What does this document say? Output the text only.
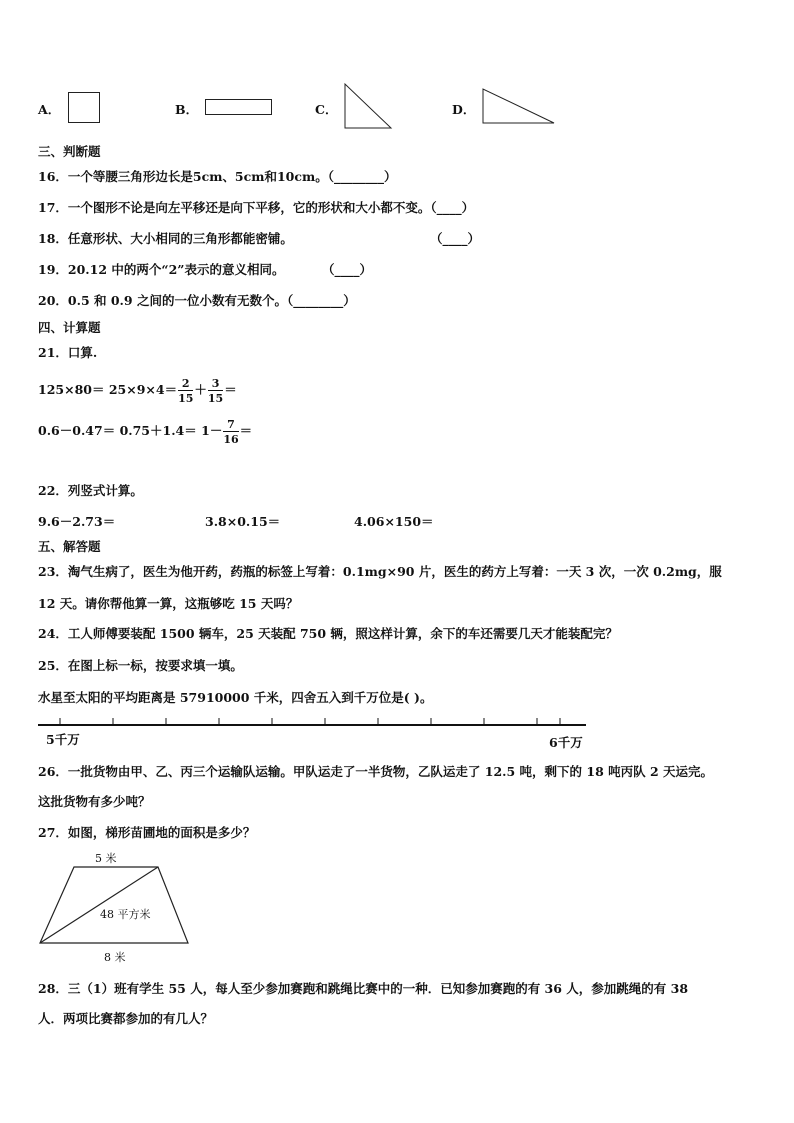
A．	B．	C．	D．
三、判断题
16．一个等腰三角形边长是5cm、5cm和10cm。（________）
17．一个图形不论是向左平移还是向下平移，它的形状和大小都不变。（____）
18．任意形状、大小相同的三角形都能密铺。	（____）
19．20.12 中的两个“2”表示的意义相同。	（____）
20．0.5 和 0.9 之间的一位小数有无数个。（________）
四、计算题
21．口算.
$125\times 80= 25\times 9\times 4= \frac{2}{15} + \frac{3}{15}$ ＝
$0.6-0.47= 0.75+1.4= 1- \frac{7}{16}$ ＝
22．列竖式计算。
9.6－2.73＝	3.8×0.15＝	4.06×150＝
五、解答题
23．淘气生病了，医生为他开药，药瓶的标签上写着：0.1mg×90 片，医生的药方上写着：一天 3 次，一次 0.2mg，服
12 天。请你帮他算一算，这瓶够吃 15 天吗？
24．工人师傅要装配 1500 辆车，25 天装配 750 辆，照这样计算，余下的车还需要几天才能装配完？
25．在图上标一标，按要求填一填。
水星至太阳的平均距离是 57910000 千米，四舍五入到千万位是( )。
5千万	6千万
26．一批货物由甲、乙、丙三个运输队运输。甲队运走了一半货物，乙队运走了 12.5 吨，剩下的 18 吨丙队 2 天运完。
这批货物有多少吨？
27．如图，梯形苗圃地的面积是多少？
5 米
48 平方米
8 米
28．三（1）班有学生 55 人，每人至少参加赛跑和跳绳比赛中的一种．已知参加赛跑的有 36 人，参加跳绳的有 38
人．两项比赛都参加的有几人？
